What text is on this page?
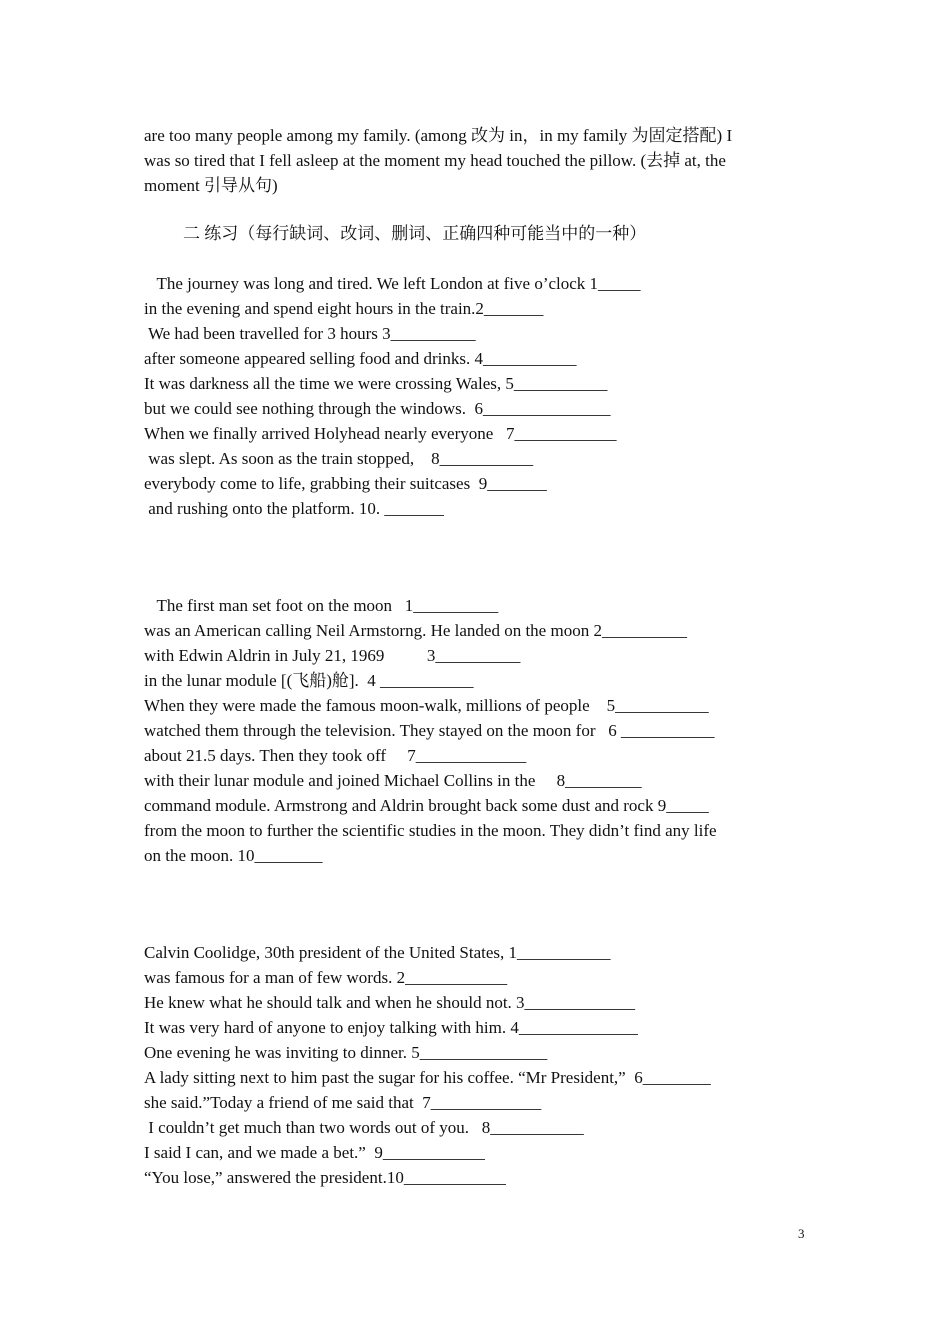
are too many people among my family. (among 改为 in，in my family 为固定搭配) I

was so tired that I fell asleep at the moment my head touched the pillow. (去掉 at, the

moment 引导从句)

二 练习（每行缺词、改词、删词、正确四种可能当中的一种）

The journey was long and tired. We left London at five o’clock 1_____

in the evening and spend eight hours in the train.2_______

We had been travelled for 3 hours 3__________

after someone appeared selling food and drinks. 4___________

It was darkness all the time we were crossing Wales, 5___________

but we could see nothing through the windows.  6_______________

When we finally arrived Holyhead nearly everyone   7____________

was slept. As soon as the train stopped,    8___________

everybody come to life, grabbing their suitcases  9_______

and rushing onto the platform. 10. _______

The first man set foot on the moon   1__________

was an American calling Neil Armstorng. He landed on the moon 2__________

with Edwin Aldrin in July 21, 1969          3__________

in the lunar module [(飞船)舱].  4 ___________

When they were made the famous moon-walk, millions of people    5___________

watched them through the television. They stayed on the moon for   6 ___________

about 21.5 days. Then they took off     7_____________

with their lunar module and joined Michael Collins in the     8_________

command module. Armstrong and Aldrin brought back some dust and rock 9_____

from the moon to further the scientific studies in the moon. They didn’t find any life

on the moon. 10________

Calvin Coolidge, 30th president of the United States, 1___________

was famous for a man of few words. 2____________

He knew what he should talk and when he should not. 3_____________

It was very hard of anyone to enjoy talking with him. 4______________

One evening he was inviting to dinner. 5_______________

A lady sitting next to him past the sugar for his coffee. “Mr President,”  6________

she said.”Today a friend of me said that  7_____________

I couldn’t get much than two words out of you.   8___________

I said I can, and we made a bet.”  9____________

“You lose,” answered the president.10____________

3
